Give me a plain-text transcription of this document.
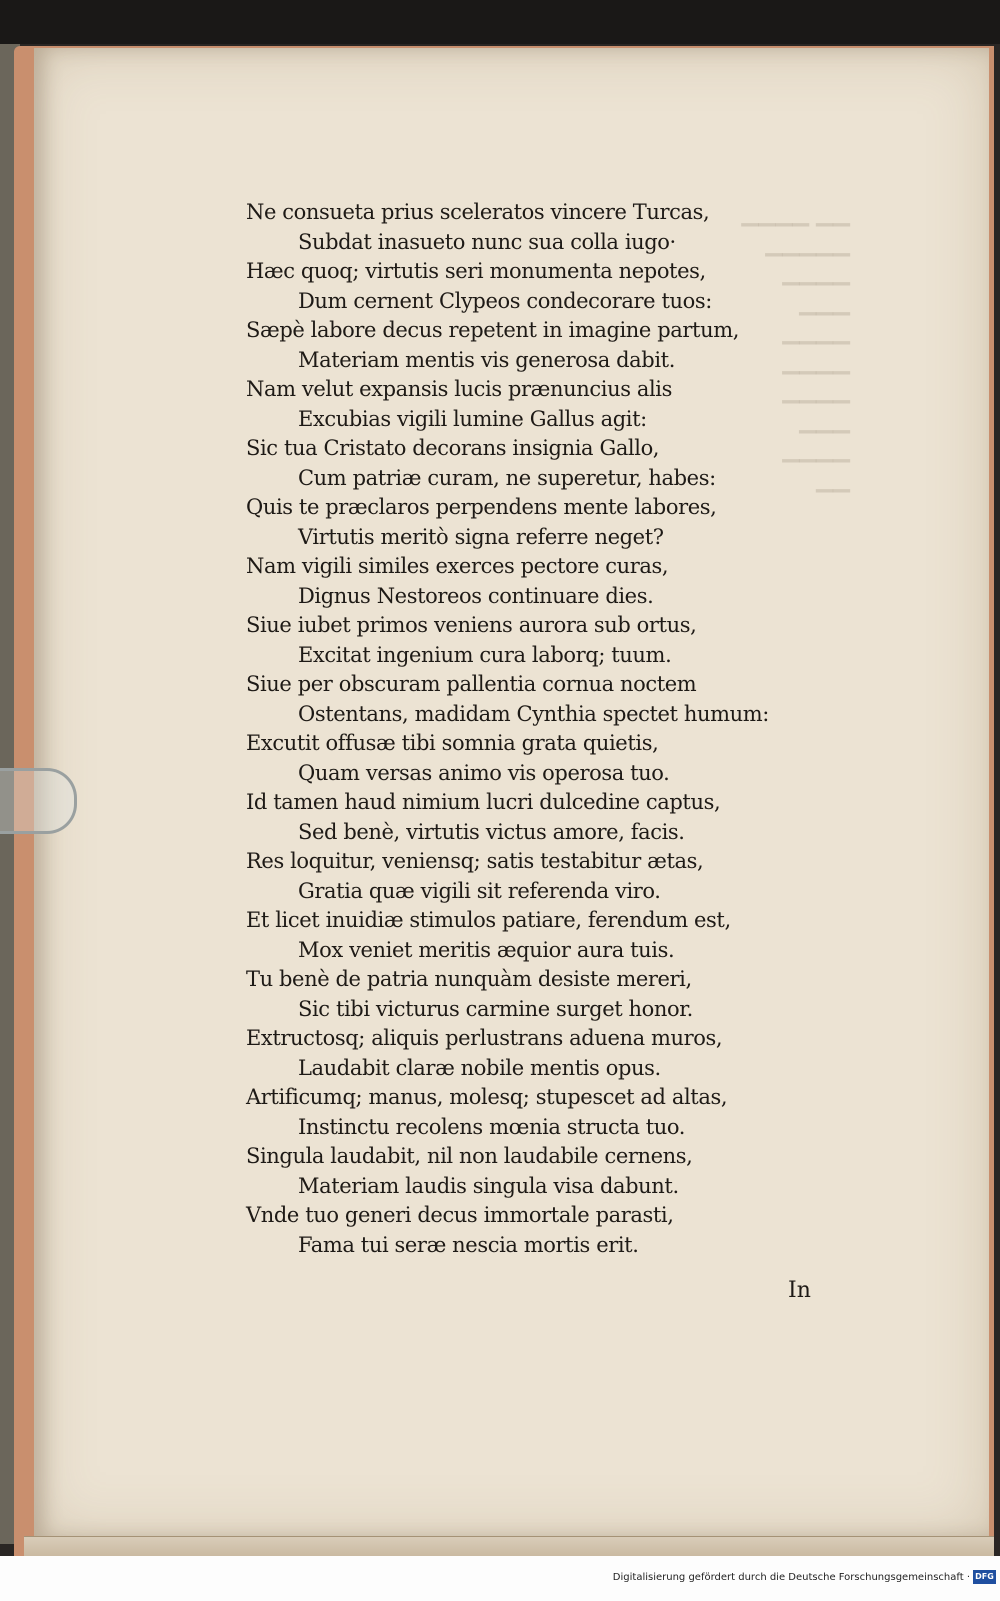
▁▁▁▁ ▁▁
▁▁▁▁▁
▁▁▁▁
▁▁▁
▁▁▁▁
▁▁▁▁
▁▁▁▁
▁▁▁
▁▁▁▁
▁▁
Ne consueta prius sceleratos vincere Turcas,
Subdat inasueto nunc sua colla iugo·
Hæc quoq; virtutis seri monumenta nepotes,
Dum cernent Clypeos condecorare tuos:
Sæpè labore decus repetent in imagine partum,
Materiam mentis vis generosa dabit.
Nam velut expansis lucis prænuncius alis
Excubias vigili lumine Gallus agit:
Sic tua Cristato decorans insignia Gallo,
Cum patriæ curam, ne superetur, habes:
Quis te præclaros perpendens mente labores,
Virtutis meritò signa referre neget?
Nam vigili similes exerces pectore curas,
Dignus Nestoreos continuare dies.
Siue iubet primos veniens aurora sub ortus,
Excitat ingenium cura laborq; tuum.
Siue per obscuram pallentia cornua noctem
Ostentans, madidam Cynthia spectet humum:
Excutit offusæ tibi somnia grata quietis,
Quam versas animo vis operosa tuo.
Id tamen haud nimium lucri dulcedine captus,
Sed benè, virtutis victus amore, facis.
Res loquitur, veniensq; satis testabitur ætas,
Gratia quæ vigili sit referenda viro.
Et licet inuidiæ stimulos patiare, ferendum est,
Mox veniet meritis æquior aura tuis.
Tu benè de patria nunquàm desiste mereri,
Sic tibi victurus carmine surget honor.
Extructosq; aliquis perlustrans aduena muros,
Laudabit claræ nobile mentis opus.
Artificumq; manus, molesq; stupescet ad altas,
Instinctu recolens mœnia structa tuo.
Singula laudabit, nil non laudabile cernens,
Materiam laudis singula visa dabunt.
Vnde tuo generi decus immortale parasti,
Fama tui seræ nescia mortis erit.
In
Digitalisierung gefördert durch die Deutsche Forschungsgemeinschaft · DFG
